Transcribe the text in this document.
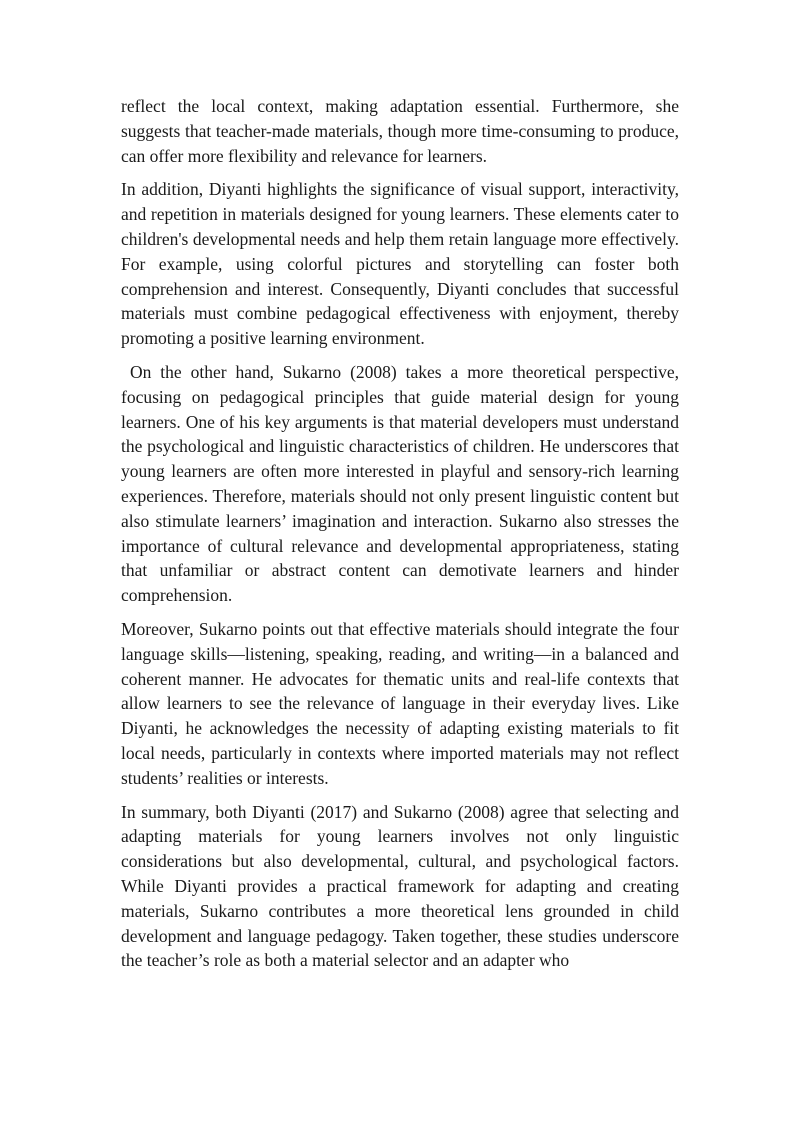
reflect the local context, making adaptation essential. Furthermore, she suggests that teacher-made materials, though more time-consuming to produce, can offer more flexibility and relevance for learners.

In addition, Diyanti highlights the significance of visual support, interactivity, and repetition in materials designed for young learners. These elements cater to children's developmental needs and help them retain language more effectively. For example, using colorful pictures and storytelling can foster both comprehension and interest. Consequently, Diyanti concludes that successful materials must combine pedagogical effectiveness with enjoyment, thereby promoting a positive learning environment.

On the other hand, Sukarno (2008) takes a more theoretical perspective, focusing on pedagogical principles that guide material design for young learners. One of his key arguments is that material developers must understand the psychological and linguistic characteristics of children. He underscores that young learners are often more interested in playful and sensory-rich learning experiences. Therefore, materials should not only present linguistic content but also stimulate learners’ imagination and interaction. Sukarno also stresses the importance of cultural relevance and developmental appropriateness, stating that unfamiliar or abstract content can demotivate learners and hinder comprehension.

Moreover, Sukarno points out that effective materials should integrate the four language skills—listening, speaking, reading, and writing—in a balanced and coherent manner. He advocates for thematic units and real-life contexts that allow learners to see the relevance of language in their everyday lives. Like Diyanti, he acknowledges the necessity of adapting existing materials to fit local needs, particularly in contexts where imported materials may not reflect students’ realities or interests.

In summary, both Diyanti (2017) and Sukarno (2008) agree that selecting and adapting materials for young learners involves not only linguistic considerations but also developmental, cultural, and psychological factors. While Diyanti provides a practical framework for adapting and creating materials, Sukarno contributes a more theoretical lens grounded in child development and language pedagogy. Taken together, these studies underscore the teacher’s role as both a material selector and an adapter who
